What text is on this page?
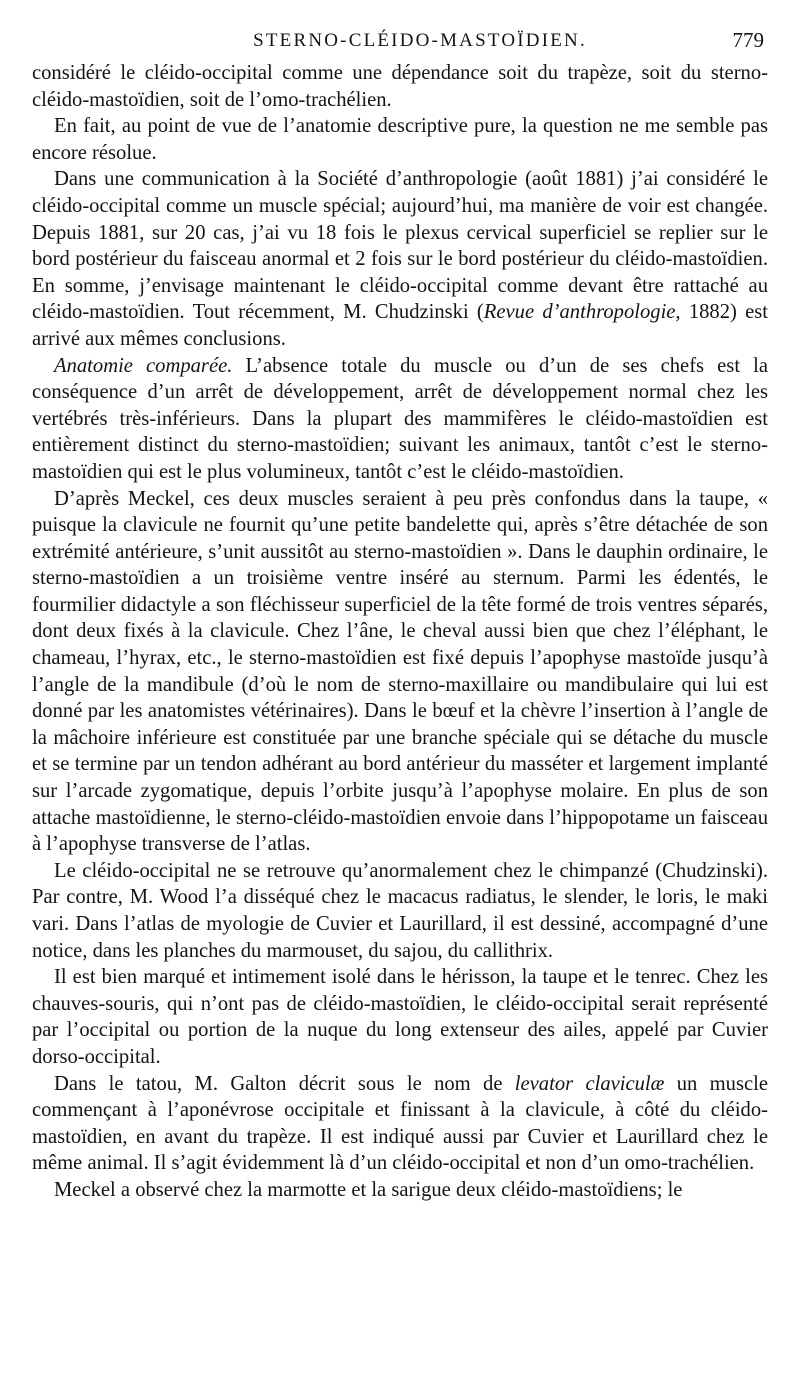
STERNO-CLÉIDO-MASTOÏDIEN.	779

considéré le cléido-occipital comme une dépendance soit du trapèze, soit du sterno-cléido-mastoïdien, soit de l’omo-trachélien.

En fait, au point de vue de l’anatomie descriptive pure, la question ne me semble pas encore résolue.

Dans une communication à la Société d’anthropologie (août 1881) j’ai considéré le cléido-occipital comme un muscle spécial; aujourd’hui, ma manière de voir est changée. Depuis 1881, sur 20 cas, j’ai vu 18 fois le plexus cervical superficiel se replier sur le bord postérieur du faisceau anormal et 2 fois sur le bord postérieur du cléido-mastoïdien. En somme, j’envisage maintenant le cléido-occipital comme devant être rattaché au cléido-mastoïdien. Tout récemment, M. Chudzinski (Revue d’anthropologie, 1882) est arrivé aux mêmes conclusions.

Anatomie comparée. L’absence totale du muscle ou d’un de ses chefs est la conséquence d’un arrêt de développement, arrêt de développement normal chez les vertébrés très-inférieurs. Dans la plupart des mammifères le cléido-mastoïdien est entièrement distinct du sterno-mastoïdien; suivant les animaux, tantôt c’est le sterno-mastoïdien qui est le plus volumineux, tantôt c’est le cléido-mastoïdien.

D’après Meckel, ces deux muscles seraient à peu près confondus dans la taupe, « puisque la clavicule ne fournit qu’une petite bandelette qui, après s’être détachée de son extrémité antérieure, s’unit aussitôt au sterno-mastoïdien ». Dans le dauphin ordinaire, le sterno-mastoïdien a un troisième ventre inséré au sternum. Parmi les édentés, le fourmilier didactyle a son fléchisseur superficiel de la tête formé de trois ventres séparés, dont deux fixés à la clavicule. Chez l’âne, le cheval aussi bien que chez l’éléphant, le chameau, l’hyrax, etc., le sterno-mastoïdien est fixé depuis l’apophyse mastoïde jusqu’à l’angle de la mandibule (d’où le nom de sterno-maxillaire ou mandibulaire qui lui est donné par les anatomistes vétérinaires). Dans le bœuf et la chèvre l’insertion à l’angle de la mâchoire inférieure est constituée par une branche spéciale qui se détache du muscle et se termine par un tendon adhérant au bord antérieur du masséter et largement implanté sur l’arcade zygomatique, depuis l’orbite jusqu’à l’apophyse molaire. En plus de son attache mastoïdienne, le sterno-cléido-mastoïdien envoie dans l’hippopotame un faisceau à l’apophyse transverse de l’atlas.

Le cléido-occipital ne se retrouve qu’anormalement chez le chimpanzé (Chudzinski). Par contre, M. Wood l’a disséqué chez le macacus radiatus, le slender, le loris, le maki vari. Dans l’atlas de myologie de Cuvier et Laurillard, il est dessiné, accompagné d’une notice, dans les planches du marmouset, du sajou, du callithrix.

Il est bien marqué et intimement isolé dans le hérisson, la taupe et le tenrec. Chez les chauves-souris, qui n’ont pas de cléido-mastoïdien, le cléido-occipital serait représenté par l’occipital ou portion de la nuque du long extenseur des ailes, appelé par Cuvier dorso-occipital.

Dans le tatou, M. Galton décrit sous le nom de levator claviculæ un muscle commençant à l’aponévrose occipitale et finissant à la clavicule, à côté du cléido-mastoïdien, en avant du trapèze. Il est indiqué aussi par Cuvier et Laurillard chez le même animal. Il s’agit évidemment là d’un cléido-occipital et non d’un omo-trachélien.

Meckel a observé chez la marmotte et la sarigue deux cléido-mastoïdiens; le
